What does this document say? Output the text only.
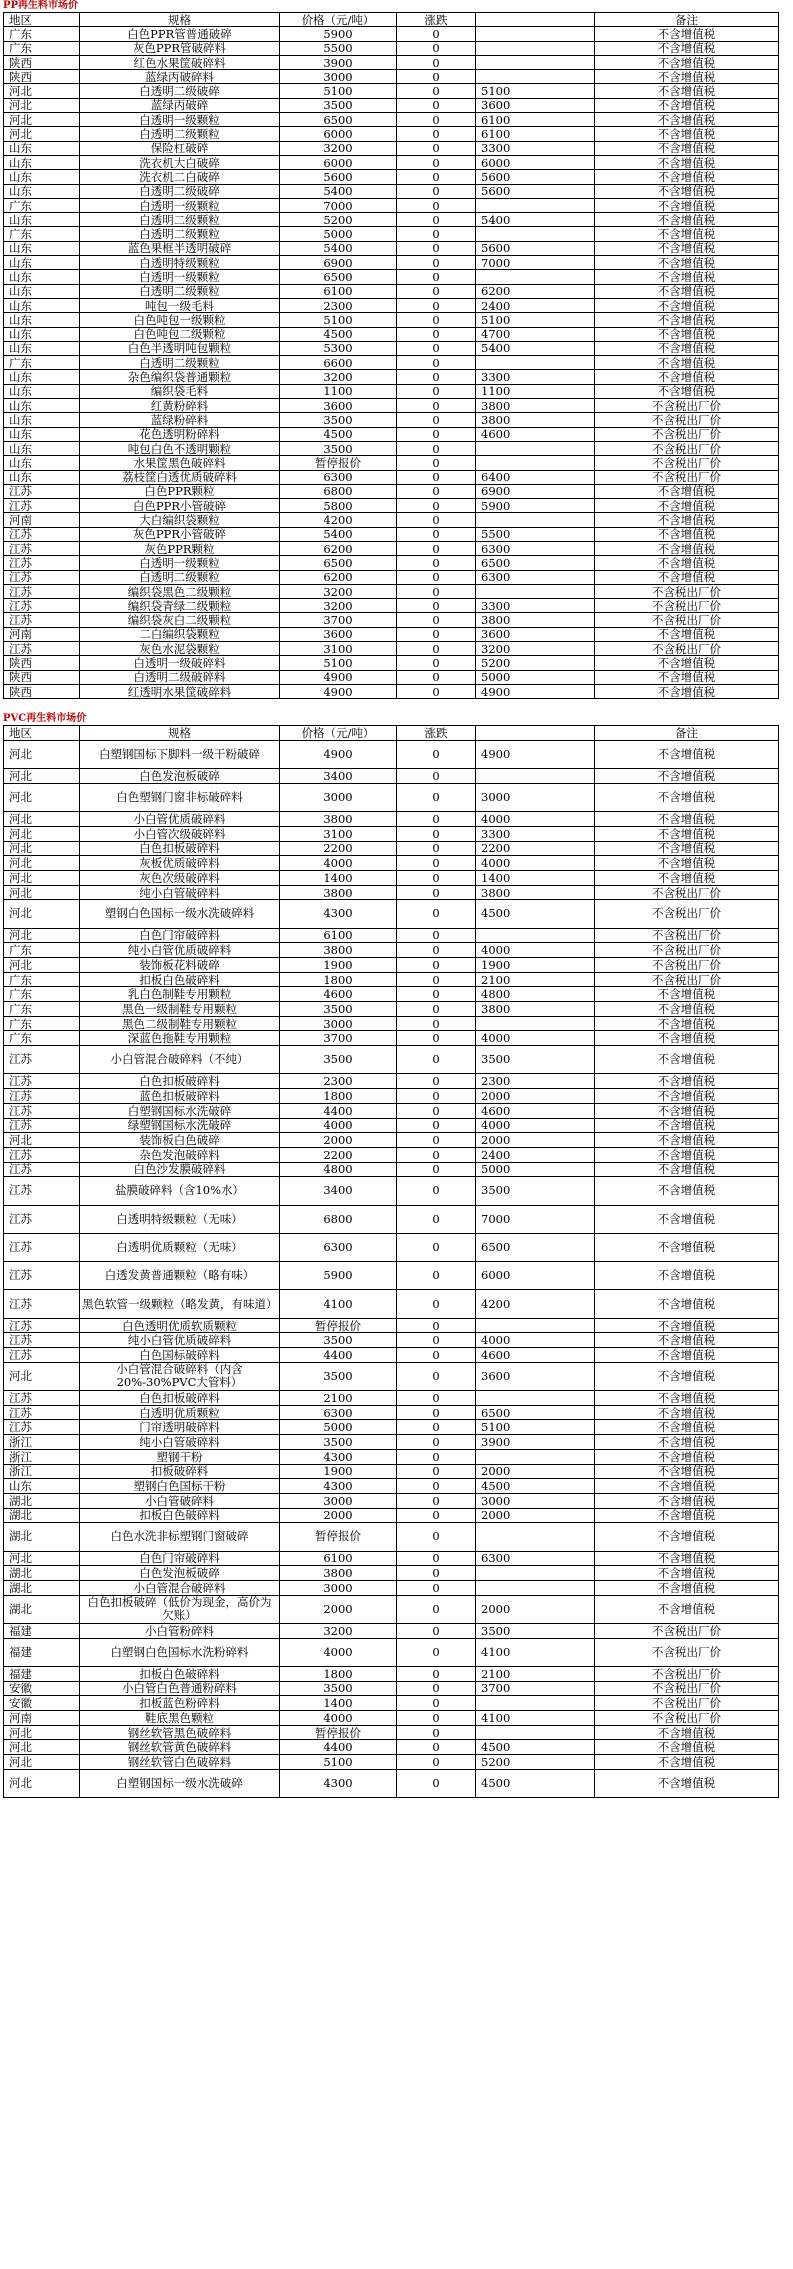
PP再生料市场价
地区	规格	价格（元/吨）	涨跌		备注
广东	白色PPR管普通破碎	5900	0		不含增值税
广东	灰色PPR管破碎料	5500	0		不含增值税
陕西	红色水果筐破碎料	3900	0		不含增值税
陕西	蓝绿丙破碎料	3000	0		不含增值税
河北	白透明二级破碎	5100	0	5100	不含增值税
河北	蓝绿丙破碎	3500	0	3600	不含增值税
河北	白透明一级颗粒	6500	0	6100	不含增值税
河北	白透明二级颗粒	6000	0	6100	不含增值税
山东	保险杠破碎	3200	0	3300	不含增值税
山东	洗衣机大白破碎	6000	0	6000	不含增值税
山东	洗衣机二白破碎	5600	0	5600	不含增值税
山东	白透明二级破碎	5400	0	5600	不含增值税
广东	白透明一级颗粒	7000	0		不含增值税
山东	白透明二级颗粒	5200	0	5400	不含增值税
广东	白透明二级颗粒	5000	0		不含增值税
山东	蓝色果框半透明破碎	5400	0	5600	不含增值税
山东	白透明特级颗粒	6900	0	7000	不含增值税
山东	白透明一级颗粒	6500	0		不含增值税
山东	白透明二级颗粒	6100	0	6200	不含增值税
山东	吨包一级毛料	2300	0	2400	不含增值税
山东	白色吨包一级颗粒	5100	0	5100	不含增值税
山东	白色吨包二级颗粒	4500	0	4700	不含增值税
山东	白色半透明吨包颗粒	5300	0	5400	不含增值税
广东	白透明二级颗粒	6600	0		不含增值税
山东	杂色编织袋普通颗粒	3200	0	3300	不含增值税
山东	编织袋毛料	1100	0	1100	不含增值税
山东	红黄粉碎料	3600	0	3800	不含税出厂价
山东	蓝绿粉碎料	3500	0	3800	不含税出厂价
山东	花色透明粉碎料	4500	0	4600	不含税出厂价
山东	吨包白色不透明颗粒	3500	0		不含税出厂价
山东	水果筐黑色破碎料	暂停报价	0		不含税出厂价
山东	荔枝筐白透优质破碎料	6300	0	6400	不含税出厂价
江苏	白色PPR颗粒	6800	0	6900	不含增值税
江苏	白色PPR小管破碎	5800	0	5900	不含增值税
河南	大白编织袋颗粒	4200	0		不含增值税
江苏	灰色PPR小管破碎	5400	0	5500	不含增值税
江苏	灰色PPR颗粒	6200	0	6300	不含增值税
江苏	白透明一级颗粒	6500	0	6500	不含增值税
江苏	白透明二级颗粒	6200	0	6300	不含增值税
江苏	编织袋黑色二级颗粒	3200	0		不含税出厂价
江苏	编织袋青绿二级颗粒	3200	0	3300	不含税出厂价
江苏	编织袋灰白二级颗粒	3700	0	3800	不含税出厂价
河南	二白编织袋颗粒	3600	0	3600	不含增值税
江苏	灰色水泥袋颗粒	3100	0	3200	不含税出厂价
陕西	白透明一级破碎料	5100	0	5200	不含增值税
陕西	白透明二级破碎料	4900	0	5000	不含增值税
陕西	红透明水果筐破碎料	4900	0	4900	不含增值税
PVC再生料市场价
地区	规格	价格（元/吨）	涨跌		备注
河北	白塑钢国标下脚料一级干粉破碎	4900	0	4900	不含增值税
河北	白色发泡板破碎	3400	0		不含增值税
河北	白色塑钢门窗非标破碎料	3000	0	3000	不含增值税
河北	小白管优质破碎料	3800	0	4000	不含增值税
河北	小白管次级破碎料	3100	0	3300	不含增值税
河北	白色扣板破碎料	2200	0	2200	不含增值税
河北	灰板优质破碎料	4000	0	4000	不含增值税
河北	灰色次级破碎料	1400	0	1400	不含增值税
河北	纯小白管破碎料	3800	0	3800	不含税出厂价
河北	塑钢白色国标一级水洗破碎料	4300	0	4500	不含税出厂价
河北	白色门帘破碎料	6100	0		不含税出厂价
广东	纯小白管优质破碎料	3800	0	4000	不含税出厂价
河北	装饰板花料破碎	1900	0	1900	不含税出厂价
广东	扣板白色破碎料	1800	0	2100	不含税出厂价
广东	乳白色制鞋专用颗粒	4600	0	4800	不含增值税
广东	黑色一级制鞋专用颗粒	3500	0	3800	不含增值税
广东	黑色二级制鞋专用颗粒	3000	0		不含增值税
广东	深蓝色拖鞋专用颗粒	3700	0	4000	不含增值税
江苏	小白管混合破碎料（不纯）	3500	0	3500	不含增值税
江苏	白色扣板破碎料	2300	0	2300	不含增值税
江苏	蓝色扣板破碎料	1800	0	2000	不含增值税
江苏	白塑钢国标水洗破碎	4400	0	4600	不含增值税
江苏	绿塑钢国标水洗破碎	4000	0	4000	不含增值税
河北	装饰板白色破碎	2000	0	2000	不含增值税
江苏	杂色发泡破碎料	2200	0	2400	不含增值税
江苏	白色沙发膜破碎料	4800	0	5000	不含增值税
江苏	盐膜破碎料（含10%水）	3400	0	3500	不含增值税
江苏	白透明特级颗粒（无味）	6800	0	7000	不含增值税
江苏	白透明优质颗粒（无味）	6300	0	6500	不含增值税
江苏	白透发黄普通颗粒（略有味）	5900	0	6000	不含增值税
江苏	黑色软管一级颗粒（略发黄，有味道）	4100	0	4200	不含增值税
江苏	白色透明优质软质颗粒	暂停报价	0		不含增值税
江苏	纯小白管优质破碎料	3500	0	4000	不含增值税
江苏	白色国标破碎料	4400	0	4600	不含增值税
河北	小白管混合破碎料（内含20%-30%PVC大管料）	3500	0	3600	不含增值税
江苏	白色扣板破碎料	2100	0		不含增值税
江苏	白透明优质颗粒	6300	0	6500	不含增值税
江苏	门帘透明破碎料	5000	0	5100	不含增值税
浙江	纯小白管破碎料	3500	0	3900	不含增值税
浙江	塑钢干粉	4300	0		不含增值税
浙江	扣板破碎料	1900	0	2000	不含增值税
山东	塑钢白色国标干粉	4300	0	4500	不含增值税
湖北	小白管破碎料	3000	0	3000	不含增值税
湖北	扣板白色破碎料	2000	0	2000	不含增值税
湖北	白色水洗非标塑钢门窗破碎	暂停报价	0		不含增值税
河北	白色门帘破碎料	6100	0	6300	不含增值税
湖北	白色发泡板破碎	3800	0		不含增值税
湖北	小白管混合破碎料	3000	0		不含增值税
湖北	白色扣板破碎（低价为现金，高价为欠账）	2000	0	2000	不含增值税
福建	小白管粉碎料	3200	0	3500	不含税出厂价
福建	白塑钢白色国标水洗粉碎料	4000	0	4100	不含税出厂价
福建	扣板白色破碎料	1800	0	2100	不含税出厂价
安徽	小白管白色普通粉碎料	3500	0	3700	不含税出厂价
安徽	扣板蓝色粉碎料	1400	0		不含税出厂价
河南	鞋底黑色颗粒	4000	0	4100	不含税出厂价
河北	钢丝软管黑色破碎料	暂停报价	0		不含增值税
河北	钢丝软管黄色破碎料	4400	0	4500	不含增值税
河北	钢丝软管白色破碎料	5100	0	5200	不含增值税
河北	白塑钢国标一级水洗破碎	4300	0	4500	不含增值税
